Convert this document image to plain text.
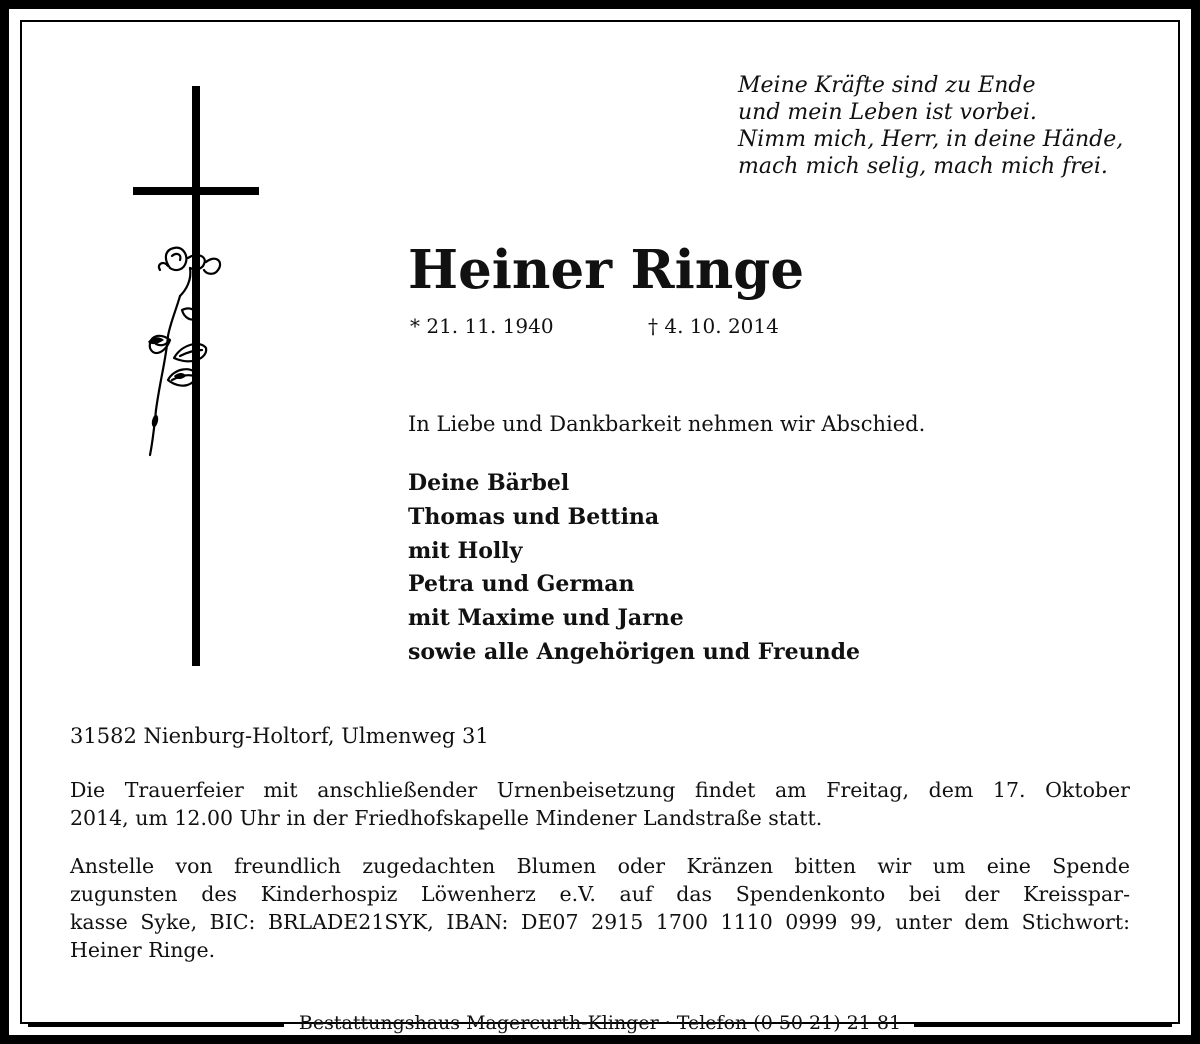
Meine Kräfte sind zu Ende
und mein Leben ist vorbei.
Nimm mich, Herr, in deine Hände,
mach mich selig, mach mich frei.
Heiner Ringe
* 21. 11. 1940	† 4. 10. 2014
In Liebe und Dankbarkeit nehmen wir Abschied.
Deine Bärbel
Thomas und Bettina
mit Holly
Petra und German
mit Maxime und Jarne
sowie alle Angehörigen und Freunde
31582 Nienburg-Holtorf, Ulmenweg 31
Die Trauerfeier mit anschließender Urnenbeisetzung findet am Freitag, dem 17. Oktober
2014, um 12.00 Uhr in der Friedhofskapelle Mindener Landstraße statt.
Anstelle von freundlich zugedachten Blumen oder Kränzen bitten wir um eine Spende
zugunsten des Kinderhospiz Löwenherz e.V. auf das Spendenkonto bei der Kreisspar-
kasse Syke, BIC: BRLADE21SYK, IBAN: DE07 2915 1700 1110 0999 99, unter dem Stichwort:
Heiner Ringe.
Bestattungshaus Magercurth-Klinger · Telefon (0 50 21) 21 81
